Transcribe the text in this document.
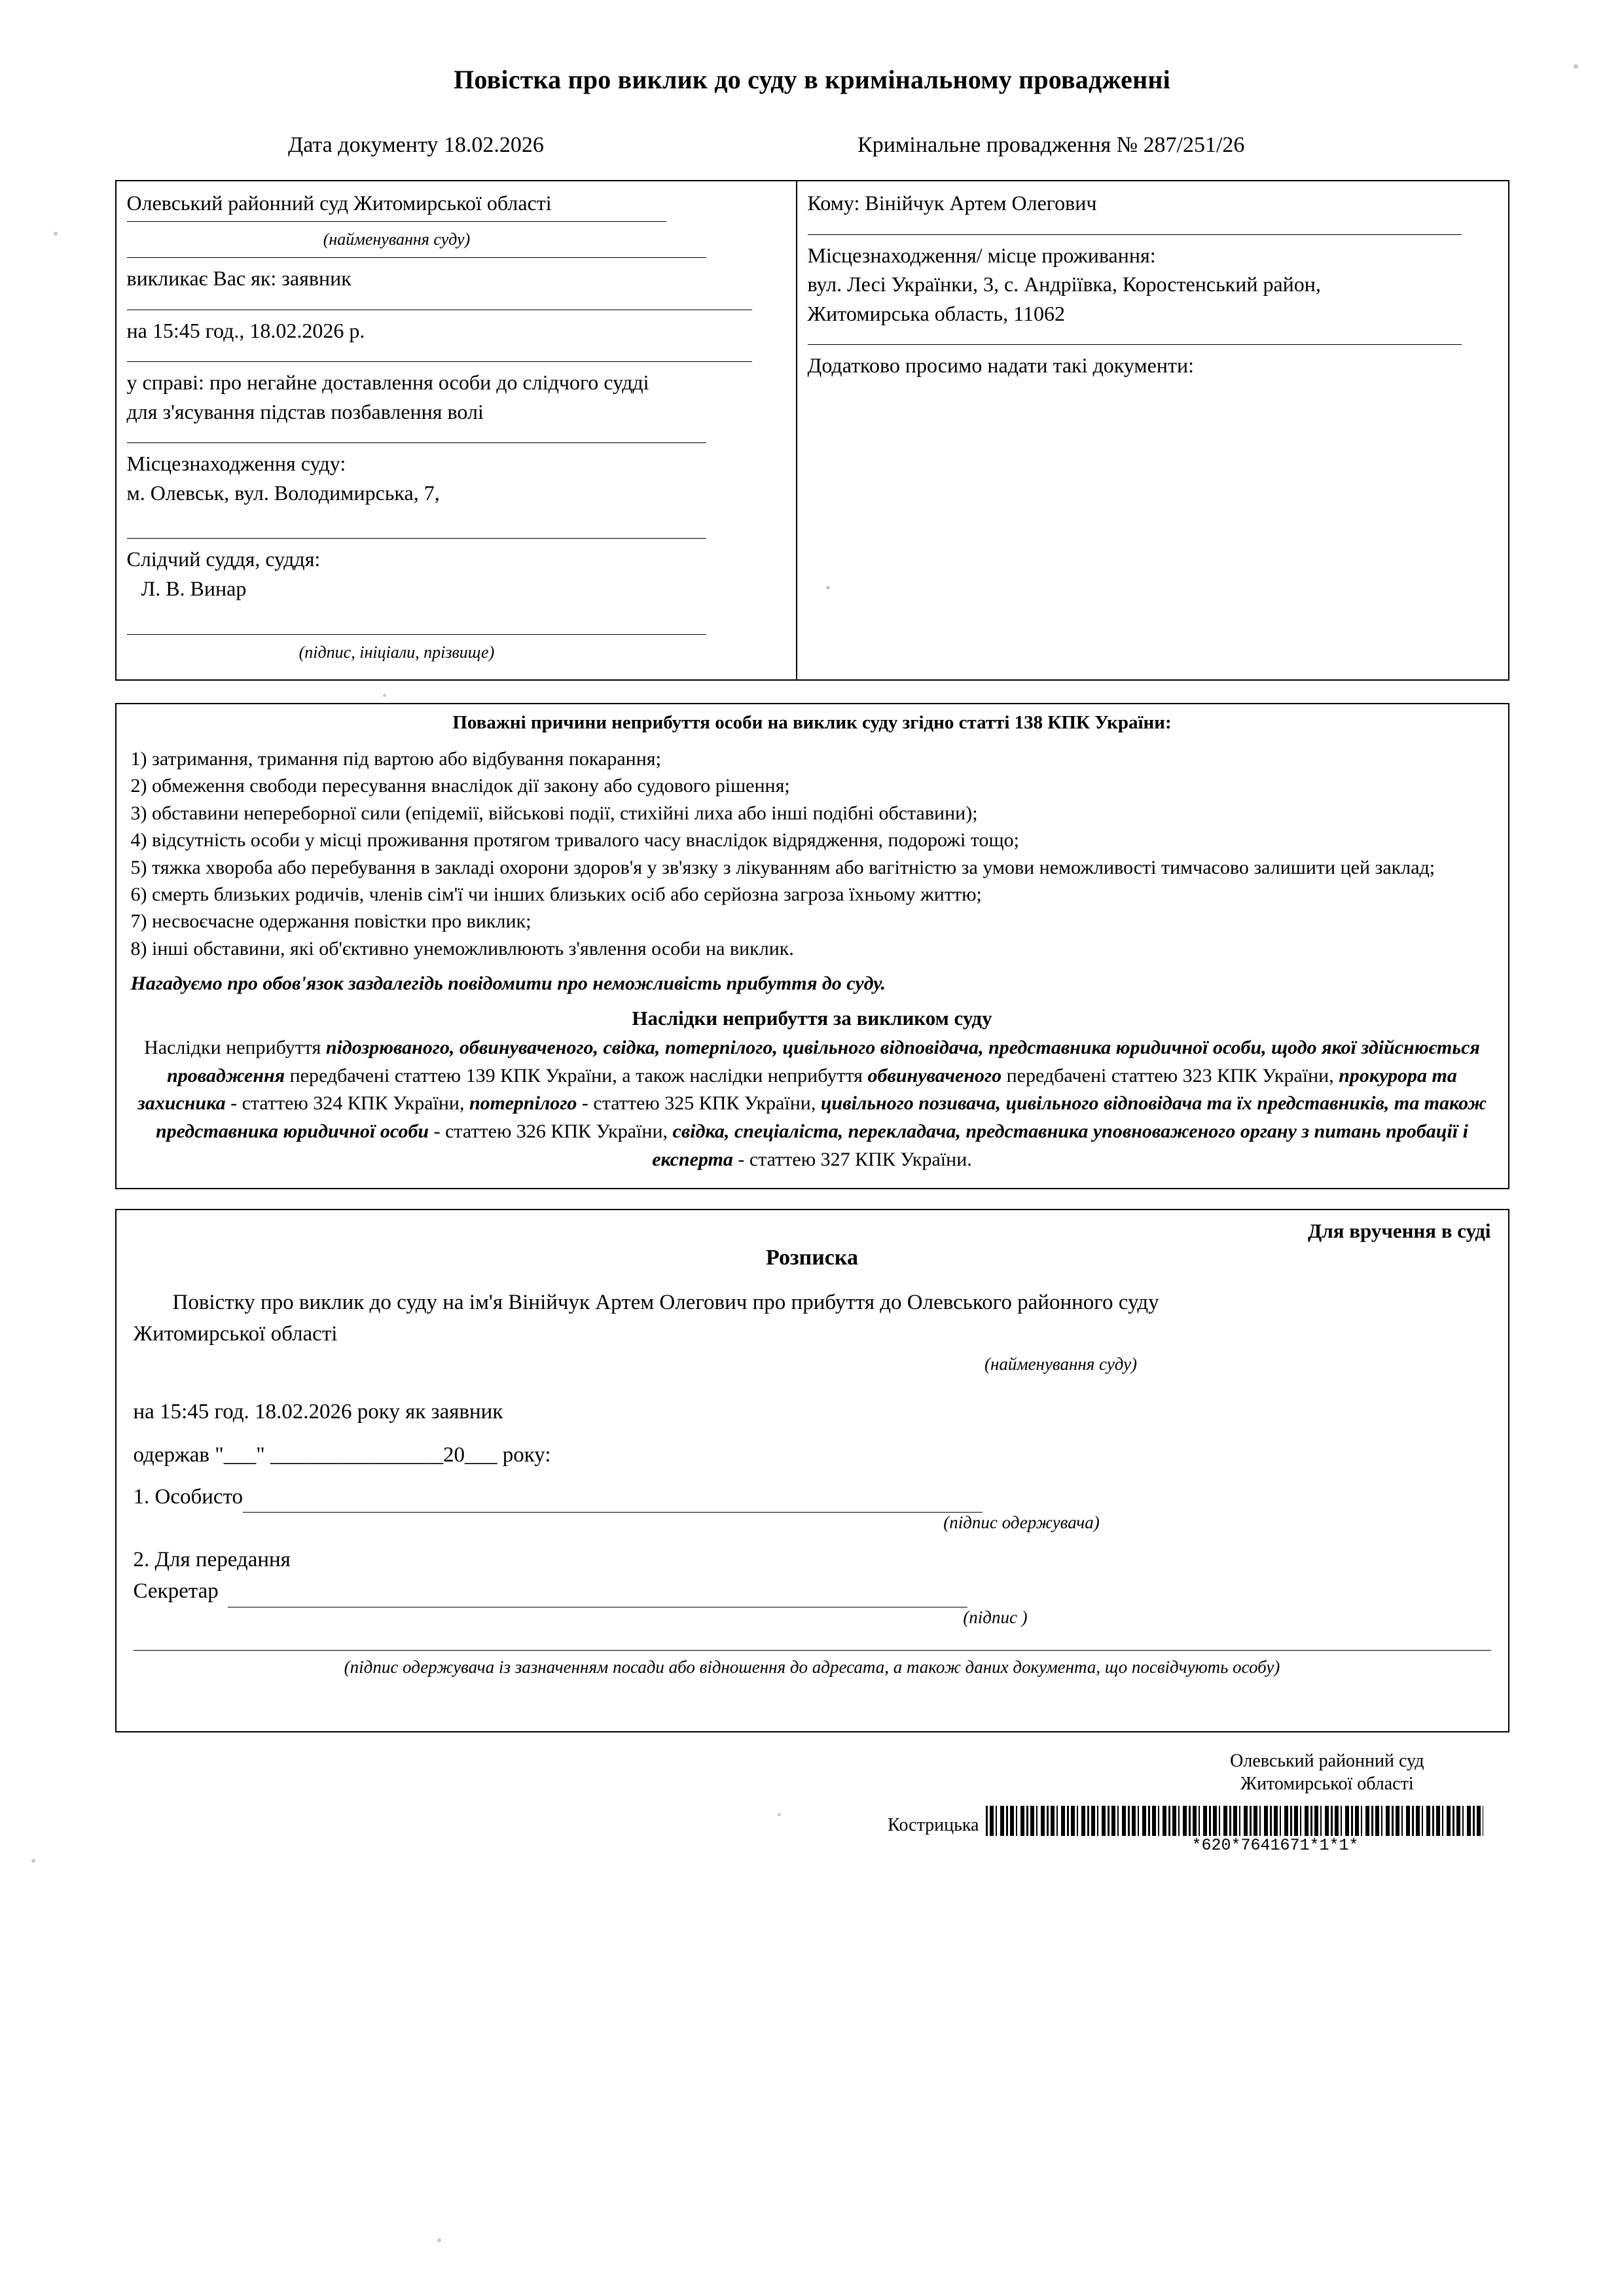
Повістка про виклик до суду в кримінальному провадженні
Дата документу 18.02.2026	Кримінальне провадження № 287/251/26
Олевський районний суд Житомирської області
(найменування суду)
викликає Вас як: заявник
на 15:45 год., 18.02.2026 р.
у справі: про негайне доставлення особи до слідчого судді
для з'ясування підстав позбавлення волі
Місцезнаходження суду:
м. Олевськ, вул. Володимирська, 7,
Слідчий суддя, суддя:
Л. В. Винар
(підпис, ініціали, прізвище)
Кому: Вінійчук Артем Олегович
Місцезнаходження/ місце проживання:
вул. Лесі Українки, 3, с. Андріївка, Коростенський район,
Житомирська область, 11062
Додатково просимо надати такі документи:
Поважні причини неприбуття особи на виклик суду згідно статті 138 КПК України:
1) затримання, тримання під вартою або відбування покарання;
2) обмеження свободи пересування внаслідок дії закону або судового рішення;
3) обставини непереборної сили (епідемії, військові події, стихійні лиха або інші подібні обставини);
4) відсутність особи у місці проживання протягом тривалого часу внаслідок відрядження, подорожі тощо;
5) тяжка хвороба або перебування в закладі охорони здоров'я у зв'язку з лікуванням або вагітністю за умови неможливості тимчасово залишити цей заклад;
6) смерть близьких родичів, членів сім'ї чи інших близьких осіб або серйозна загроза їхньому життю;
7) несвоєчасне одержання повістки про виклик;
8) інші обставини, які об'єктивно унеможливлюють з'явлення особи на виклик.
Нагадуємо про обов'язок заздалегідь повідомити про неможливість прибуття до суду.
Наслідки неприбуття за викликом суду
Наслідки неприбуття підозрюваного, обвинуваченого, свідка, потерпілого, цивільного відповідача, представника юридичної особи, щодо якої здійснюється провадження передбачені статтею 139 КПК України, а також наслідки неприбуття обвинуваченого передбачені статтею 323 КПК України, прокурора та захисника - статтею 324 КПК України, потерпілого - статтею 325 КПК України, цивільного позивача, цивільного відповідача та їх представників, та також представника юридичної особи - статтею 326 КПК України, свідка, спеціаліста, перекладача, представника уповноваженого органу з питань пробації і експерта - статтею 327 КПК України.
Для вручення в суді
Розписка
Повістку про виклик до суду на ім'я Вінійчук Артем Олегович про прибуття до Олевського районного суду
Житомирської області
(найменування суду)
на 15:45 год. 18.02.2026 року як заявник
одержав "___" ________________20___ року:
1. Особисто
(підпис одержувача)
2. Для передання
Секретар
(підпис )
(підпис одержувача із зазначенням посади або відношення до адресата, а також даних документа, що посвідчують особу)
Олевський районний суд
Житомирської області
Кострицька
*620*7641671*1*1*
